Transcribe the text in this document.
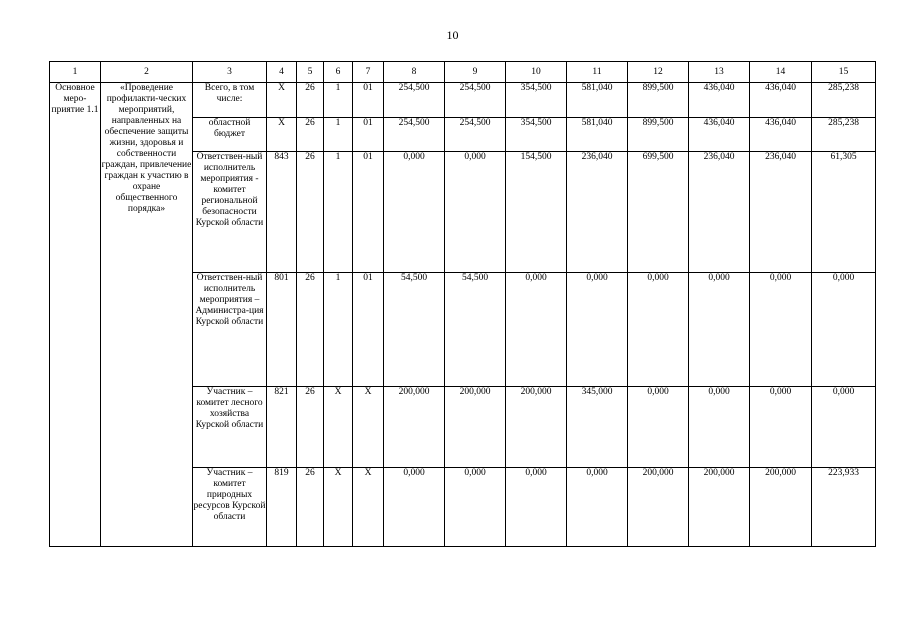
10
1	2	3	4	5	6	7	8	9	10	11	12	13	14	15
Основное меро-приятие 1.1	«Проведение профилакти-ческих мероприятий, направленных на обеспечение защиты жизни, здоровья и собственности граждан, привлечение граждан к участию в охране общественного порядка»	Всего, в том числе:	X	26	1	01	254,500	254,500	354,500	581,040	899,500	436,040	436,040	285,238
		областной бюджет	X	26	1	01	254,500	254,500	354,500	581,040	899,500	436,040	436,040	285,238
		Ответствен-ный исполнитель мероприятия - комитет региональной безопасности Курской области	843	26	1	01	0,000	0,000	154,500	236,040	699,500	236,040	236,040	61,305
		Ответствен-ный исполнитель мероприятия – Администра-ция Курской области	801	26	1	01	54,500	54,500	0,000	0,000	0,000	0,000	0,000	0,000
		Участник – комитет лесного хозяйства Курской области	821	26	X	X	200,000	200,000	200,000	345,000	0,000	0,000	0,000	0,000
		Участник – комитет природных ресурсов Курской области	819	26	X	X	0,000	0,000	0,000	0,000	200,000	200,000	200,000	223,933
